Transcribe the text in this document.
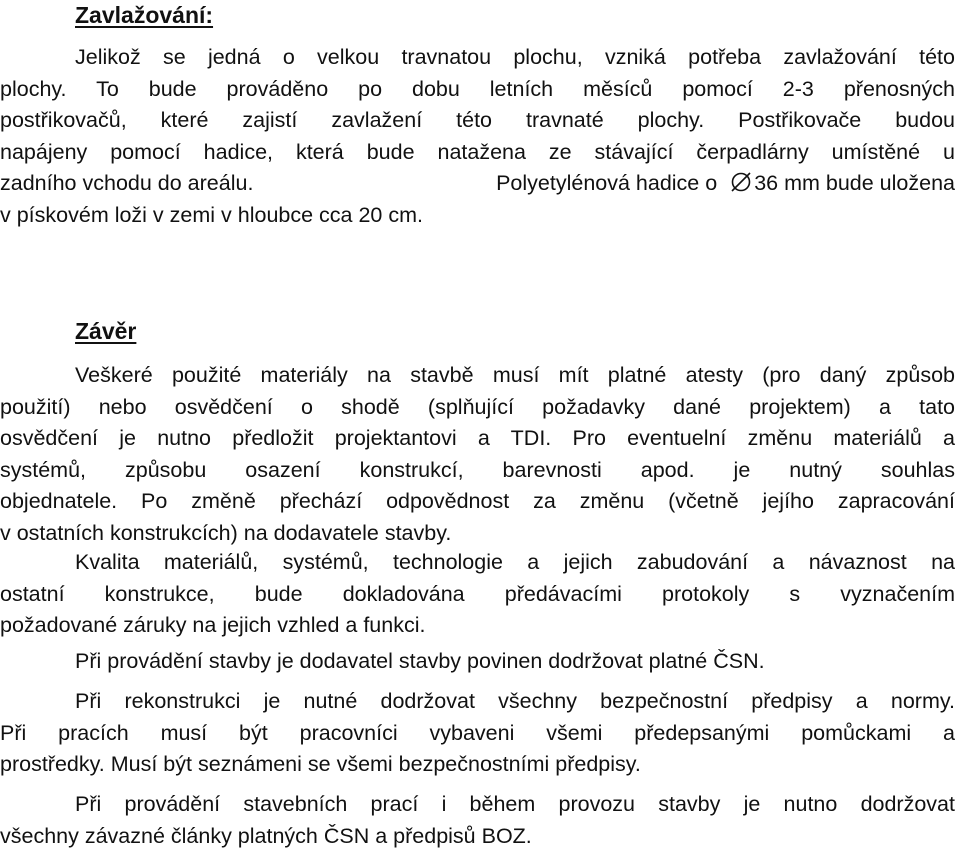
Zavlažování:
Jelikož se jedná o velkou travnatou plochu, vzniká potřeba zavlažování této
plochy. To bude prováděno po dobu letních měsíců pomocí 2-3 přenosných
postřikovačů, které zajistí zavlažení této travnaté plochy. Postřikovače budou
napájeny pomocí hadice, která bude natažena ze stávající čerpadlárny umístěné u
zadního vchodu do areálu.	Polyetylénová hadice o 36 mm bude uložena
v pískovém loži v zemi v hloubce cca 20 cm.
Závěr
Veškeré použité materiály na stavbě musí mít platné atesty (pro daný způsob
použití) nebo osvědčení o shodě (splňující požadavky dané projektem) a tato
osvědčení je nutno předložit projektantovi a TDI. Pro eventuelní změnu materiálů a
systémů, způsobu osazení konstrukcí, barevnosti apod. je nutný souhlas
objednatele. Po změně přechází odpovědnost za změnu (včetně jejího zapracování
v ostatních konstrukcích) na dodavatele stavby.
Kvalita materiálů, systémů, technologie a jejich zabudování a návaznost na
ostatní konstrukce, bude dokladována předávacími protokoly s vyznačením
požadované záruky na jejich vzhled a funkci.
Při provádění stavby je dodavatel stavby povinen dodržovat platné ČSN.
Při rekonstrukci je nutné dodržovat všechny bezpečnostní předpisy a normy.
Při pracích musí být pracovníci vybaveni všemi předepsanými pomůckami a
prostředky. Musí být seznámeni se všemi bezpečnostními předpisy.
Při provádění stavebních prací i během provozu stavby je nutno dodržovat
všechny závazné články platných ČSN a předpisů BOZ.
